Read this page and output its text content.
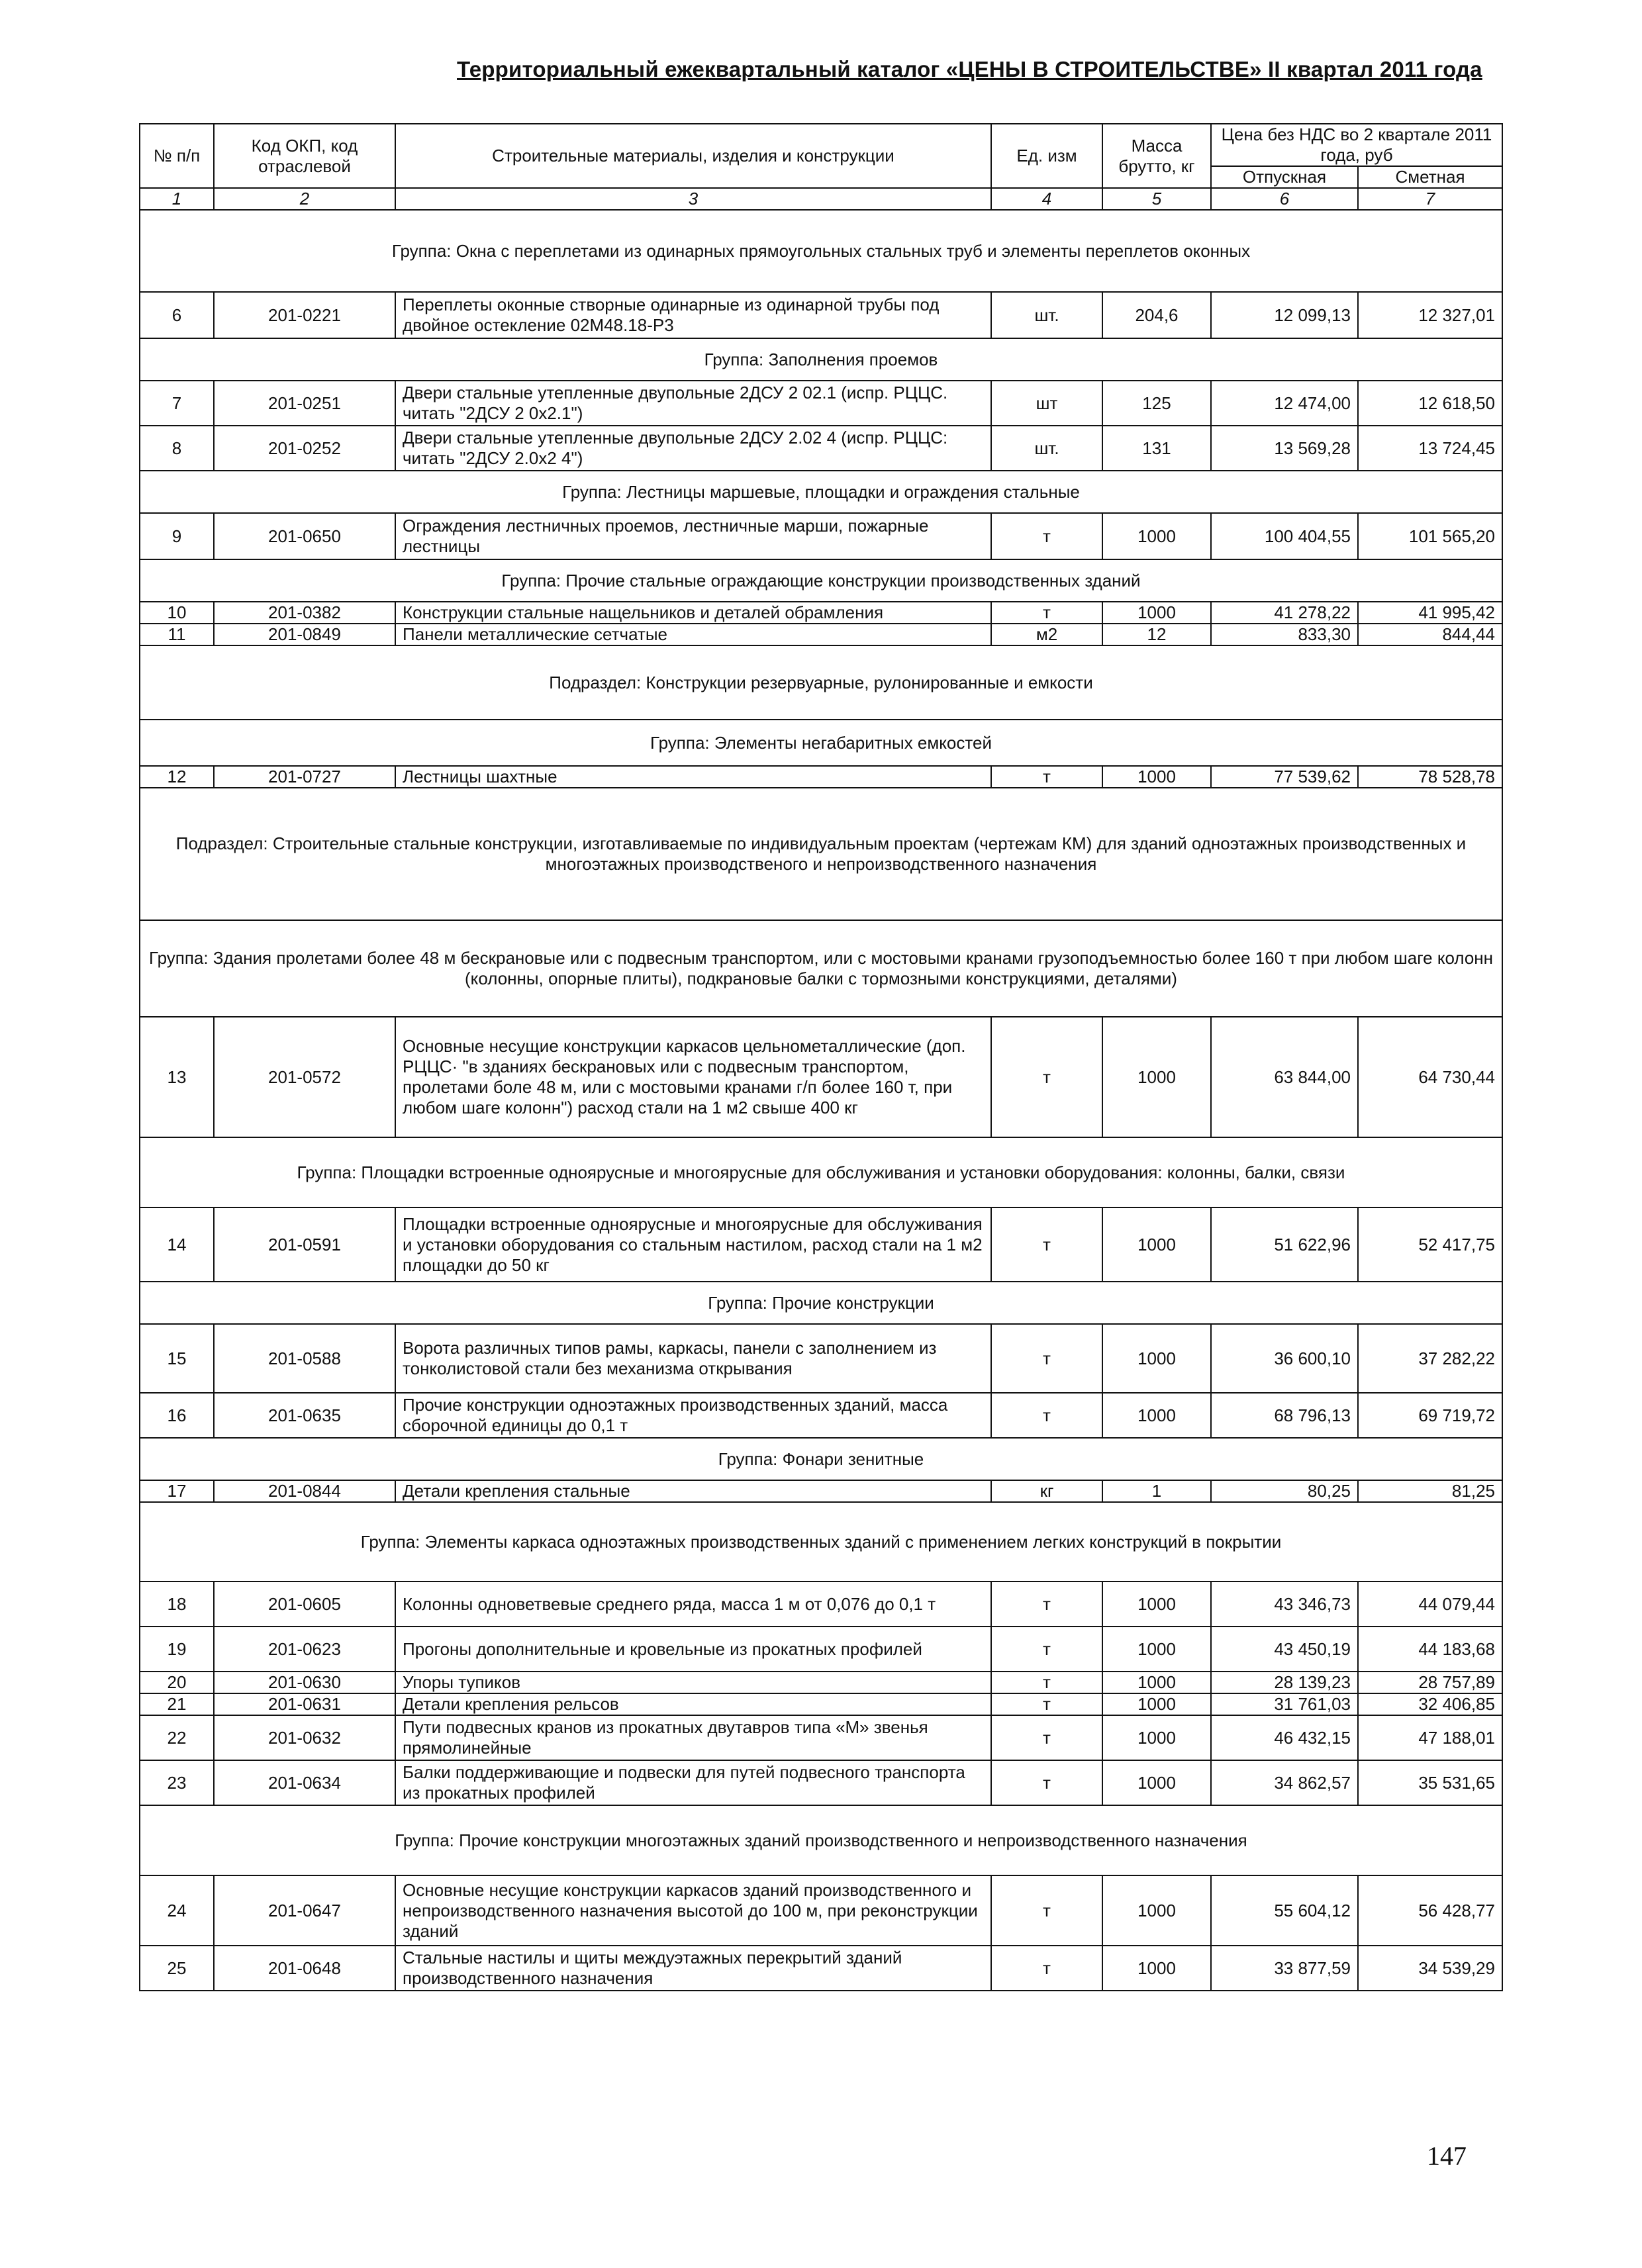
Территориальный ежеквартальный каталог «ЦЕНЫ В СТРОИТЕЛЬСТВЕ» II квартал 2011 года
№ п/п	Код ОКП, код отраслевой	Строительные материалы, изделия и конструкции	Ед. изм	Масса брутто, кг	Цена без НДС во 2 квартале 2011 года, руб	
					Отпускная	Сметная
1	2	3	4	5	6	7
Группа: Окна с переплетами из одинарных прямоугольных стальных труб и элементы переплетов оконных						
6	201-0221	Переплеты оконные створные одинарные из одинарной трубы под двойное остекление 02М48.18-Р3	шт.	204,6	12 099,13	12 327,01
Группа: Заполнения проемов						
7	201-0251	Двери стальные утепленные двупольные 2ДСУ 2 02.1 (испр. РЦЦС. читать "2ДСУ 2 0х2.1")	шт	125	12 474,00	12 618,50
8	201-0252	Двери стальные утепленные двупольные 2ДСУ 2.02 4 (испр. РЦЦС: читать "2ДСУ 2.0х2 4")	шт.	131	13 569,28	13 724,45
Группа: Лестницы маршевые, площадки и ограждения стальные						
9	201-0650	Ограждения лестничных проемов, лестничные марши, пожарные лестницы	т	1000	100 404,55	101 565,20
Группа: Прочие стальные ограждающие конструкции производственных зданий						
10	201-0382	Конструкции стальные нащельников и деталей обрамления	т	1000	41 278,22	41 995,42
11	201-0849	Панели металлические сетчатые	м2	12	833,30	844,44
Подраздел: Конструкции резервуарные, рулонированные и емкости						
Группа: Элементы негабаритных емкостей						
12	201-0727	Лестницы шахтные	т	1000	77 539,62	78 528,78
Подраздел: Строительные стальные конструкции, изготавливаемые по индивидуальным проектам (чертежам КМ) для зданий одноэтажных производственных и многоэтажных производственого и непроизводственного назначения						
Группа: Здания пролетами более 48 м бескрановые или с подвесным транспортом, или с мостовыми кранами грузоподъемностью более 160 т при любом шаге колонн (колонны, опорные плиты), подкрановые балки с тормозными конструкциями, деталями)						
13	201-0572	Основные несущие конструкции каркасов цельнометаллические (доп. РЦЦС· "в зданиях бескрановых или с подвесным транспортом, пролетами боле 48 м, или с мостовыми кранами г/п более 160 т, при любом шаге колонн") расход стали на 1 м2 свыше 400 кг	т	1000	63 844,00	64 730,44
Группа: Площадки встроенные одноярусные и многоярусные для обслуживания и установки оборудования: колонны, балки, связи						
14	201-0591	Площадки встроенные одноярусные и многоярусные для обслуживания и установки оборудования со стальным настилом, расход стали на 1 м2 площадки до 50 кг	т	1000	51 622,96	52 417,75
Группа: Прочие конструкции						
15	201-0588	Ворота различных типов рамы, каркасы, панели с заполнением из тонколистовой стали без механизма открывания	т	1000	36 600,10	37 282,22
16	201-0635	Прочие конструкции одноэтажных производственных зданий, масса сборочной единицы до 0,1 т	т	1000	68 796,13	69 719,72
Группа: Фонари зенитные						
17	201-0844	Детали крепления стальные	кг	1	80,25	81,25
Группа: Элементы каркаса одноэтажных производственных зданий с применением легких конструкций в покрытии						
18	201-0605	Колонны одноветвевые среднего ряда, масса 1 м от 0,076 до 0,1 т	т	1000	43 346,73	44 079,44
19	201-0623	Прогоны дополнительные и кровельные из прокатных профилей	т	1000	43 450,19	44 183,68
20	201-0630	Упоры тупиков	т	1000	28 139,23	28 757,89
21	201-0631	Детали крепления рельсов	т	1000	31 761,03	32 406,85
22	201-0632	Пути подвесных кранов из прокатных двутавров типа «М» звенья прямолинейные	т	1000	46 432,15	47 188,01
23	201-0634	Балки поддерживающие и подвески для путей подвесного транспорта из прокатных профилей	т	1000	34 862,57	35 531,65
Группа: Прочие конструкции многоэтажных зданий производственного и непроизводственного назначения						
24	201-0647	Основные несущие конструкции каркасов зданий производственного и непроизводственного назначения высотой до 100 м, при реконструкции зданий	т	1000	55 604,12	56 428,77
25	201-0648	Стальные настилы и щиты междуэтажных перекрытий зданий производственного назначения	т	1000	33 877,59	34 539,29
147
